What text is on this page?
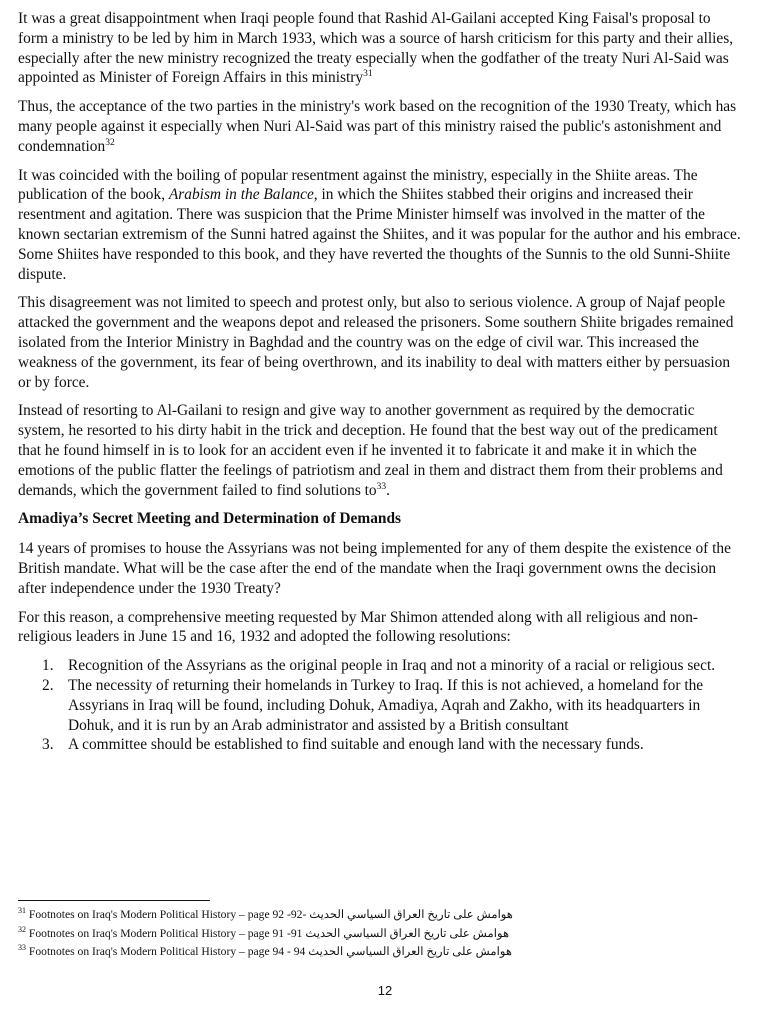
It was a great disappointment when Iraqi people found that Rashid Al-Gailani accepted King Faisal's proposal to form a ministry to be led by him in March 1933, which was a source of harsh criticism for this party and their allies, especially after the new ministry recognized the treaty especially when the godfather of the treaty Nuri Al-Said was appointed as Minister of Foreign Affairs in this ministry$^{31}$

Thus, the acceptance of the two parties in the ministry's work based on the recognition of the 1930 Treaty, which has many people against it especially when Nuri Al-Said was part of this ministry raised the public's astonishment and condemnation$^{32}$

It was coincided with the boiling of popular resentment against the ministry, especially in the Shiite areas. The publication of the book, Arabism in the Balance, in which the Shiites stabbed their origins and increased their resentment and agitation. There was suspicion that the Prime Minister himself was involved in the matter of the known sectarian extremism of the Sunni hatred against the Shiites, and it was popular for the author and his embrace. Some Shiites have responded to this book, and they have reverted the thoughts of the Sunnis to the old Sunni-Shiite dispute.

This disagreement was not limited to speech and protest only, but also to serious violence. A group of Najaf people attacked the government and the weapons depot and released the prisoners. Some southern Shiite brigades remained isolated from the Interior Ministry in Baghdad and the country was on the edge of civil war. This increased the weakness of the government, its fear of being overthrown, and its inability to deal with matters either by persuasion or by force.

Instead of resorting to Al-Gailani to resign and give way to another government as required by the democratic system, he resorted to his dirty habit in the trick and deception. He found that the best way out of the predicament that he found himself in is to look for an accident even if he invented it to fabricate it and make it in which the emotions of the public flatter the feelings of patriotism and zeal in them and distract them from their problems and demands, which the government failed to find solutions $to^{33}$.

Amadiya’s Secret Meeting and Determination of Demands

14 years of promises to house the Assyrians was not being implemented for any of them despite the existence of the British mandate. What will be the case after the end of the mandate when the Iraqi government owns the decision after independence under the 1930 Treaty?

For this reason, a comprehensive meeting requested by Mar Shimon attended along with all religious and non-religious leaders in June 15 and 16, 1932 and adopted the following resolutions:

1. Recognition of the Assyrians as the original people in Iraq and not a minority of a racial or religious sect.
2. The necessity of returning their homelands in Turkey to Iraq. If this is not achieved, a homeland for the Assyrians in Iraq will be found, including Dohuk, Amadiya, Aqrah and Zakho, with its headquarters in Dohuk, and it is run by an Arab administrator and assisted by a British consultant
3. A committee should be established to find suitable and enough land with the necessary funds.
$^{31}$ Footnotes on Iraq's Modern Political History – page 92 -92- هوامش على تاريخ العراق السياسي الحديث
$^{32}$ Footnotes on Iraq's Modern Political History – page 91 -91 هوامش على تاريخ العراق السياسي الحديث
$^{33}$ Footnotes on Iraq's Modern Political History – page 94 - 94 هوامش على تاريخ العراق السياسي الحديث
12
